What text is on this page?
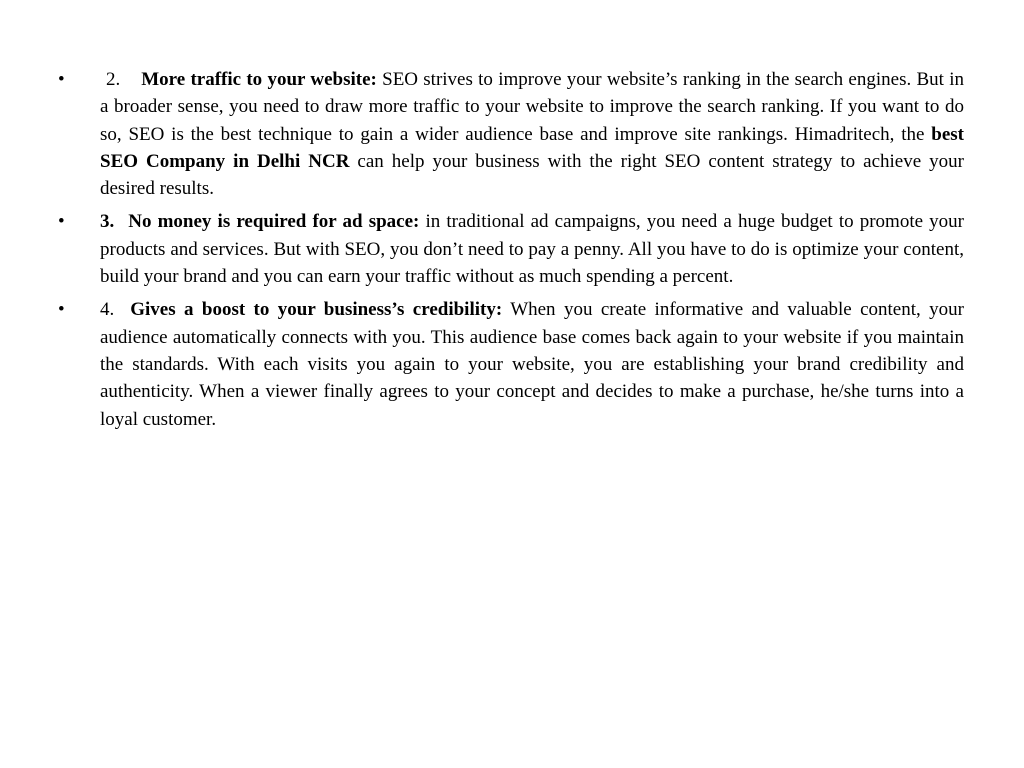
•	2. More traffic to your website: SEO strives to improve your website’s ranking in the search engines. But in a broader sense, you need to draw more traffic to your website to improve the search ranking. If you want to do so, SEO is the best technique to gain a wider audience base and improve site rankings. Himadritech, the best SEO Company in Delhi NCR can help your business with the right SEO content strategy to achieve your desired results.
•	3. No money is required for ad space: in traditional ad campaigns, you need a huge budget to promote your products and services. But with SEO, you don’t need to pay a penny. All you have to do is optimize your content, build your brand and you can earn your traffic without as much spending a percent.
•	4. Gives a boost to your business’s credibility: When you create informative and valuable content, your audience automatically connects with you. This audience base comes back again to your website if you maintain the standards. With each visits you again to your website, you are establishing your brand credibility and authenticity. When a viewer finally agrees to your concept and decides to make a purchase, he/she turns into a loyal customer.
